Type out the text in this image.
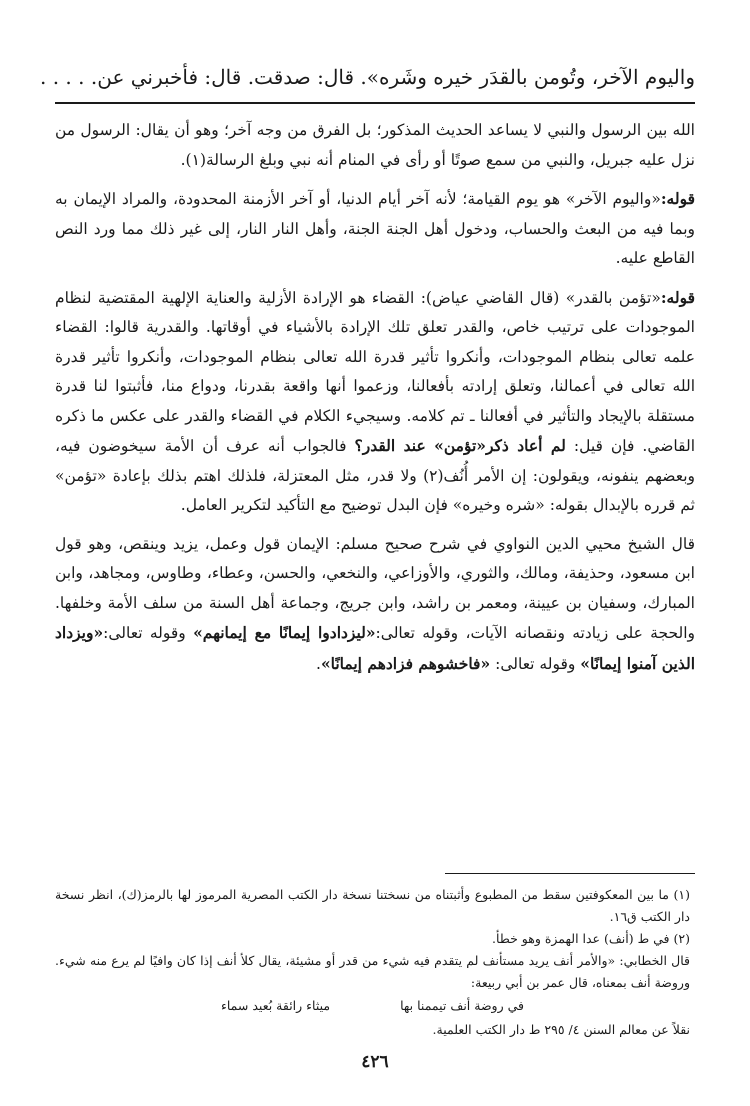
والیوم الآخر، وتُومن بالقدَر خیره وشَره». قال: صدقت. قال: فأخبرني عن. . . . .

الله بين الرسول والنبي لا يساعد الحديث المذكور؛ بل الفرق من وجه آخر؛ وهو أن يقال: الرسول من نزل عليه جبريل، والنبي من سمع صوتًا أو رأى في المنام أنه نبي وبلغ الرسالة(١).

قوله:«واليوم الآخر» هو يوم القيامة؛ لأنه آخر أيام الدنيا، أو آخر الأزمنة المحدودة، والمراد الإيمان به وبما فيه من البعث والحساب، ودخول أهل الجنة الجنة، وأهل النار النار، إلى غير ذلك مما ورد النص القاطع عليه.

قوله:«تؤمن بالقدر» (قال القاضي عياض): القضاء هو الإرادة الأزلية والعناية الإلهية المقتضية لنظام الموجودات على ترتيب خاص، والقدر تعلق تلك الإرادة بالأشياء في أوقاتها. والقدرية قالوا: القضاء علمه تعالى بنظام الموجودات، وأنكروا تأثير قدرة الله تعالى بنظام الموجودات، وأنكروا تأثير قدرة الله تعالى في أعمالنا، وتعلق إرادته بأفعالنا، وزعموا أنها واقعة بقدرنا، ودواع منا، فأثبتوا لنا قدرة مستقلة بالإيجاد والتأثير في أفعالنا ـ تم كلامه. وسيجيء الكلام في القضاء والقدر على عكس ما ذكره القاضي. فإن قيل: لم أعاد ذكر«تؤمن» عند القدر؟ فالجواب أنه عرف أن الأمة سيخوضون فيه، وبعضهم ينفونه، ويقولون: إن الأمر أُنُف(٢) ولا قدر، مثل المعتزلة، فلذلك اهتم بذلك بإعادة «تؤمن» ثم قرره بالإبدال بقوله: «شره وخيره» فإن البدل توضيح مع التأكيد لتكرير العامل.

قال الشيخ محيي الدين النواوي في شرح صحيح مسلم: الإيمان قول وعمل، يزيد وينقص، وهو قول ابن مسعود، وحذيفة، ومالك، والثوري، والأوزاعي، والنخعي، والحسن، وعطاء، وطاوس، ومجاهد، وابن المبارك، وسفيان بن عيينة، ومعمر بن راشد، وابن جريج، وجماعة أهل السنة من سلف الأمة وخلفها. والحجة على زيادته ونقصانه الآيات، وقوله تعالى:«ليزدادوا إيمانًا مع إيمانهم» وقوله تعالى:«ويزداد الذين آمنوا إيمانًا» وقوله تعالى: «فاخشوهم فزادهم إيمانًا».

(١) ما بين المعكوفتين سقط من المطبوع وأثبتناه من نسختنا نسخة دار الكتب المصرية المرموز لها بالرمز(ك)، انظر نسخة دار الكتب ق١٦.

(٢) في ط (أنف) عدا الهمزة وهو خطأ.

قال الخطابي: «والأمر أنف يريد مستأنف لم يتقدم فيه شيء من قدر أو مشيئة، يقال كلأ أنف إذا كان وافيًا لم يرع منه شيء. وروضة أنف بمعناه، قال عمر بن أبي ربيعة:

في روضة أنف تيممنا بها
ميثاء رائقة بُعيد سماء

نقلاً عن معالم السنن ٤/ ٢٩٥ ط دار الكتب العلمية.

٤٢٦
